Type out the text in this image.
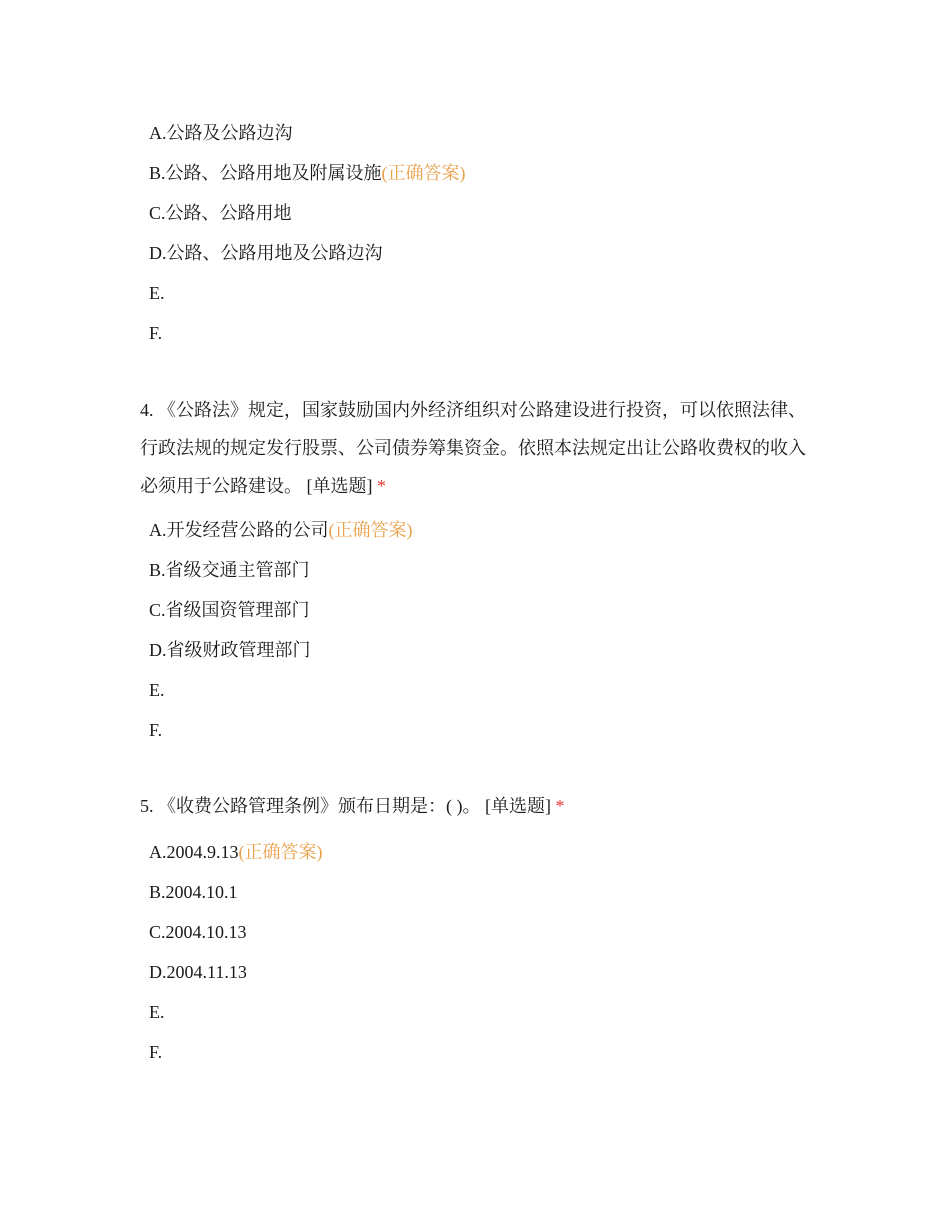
A.公路及公路边沟
B.公路、公路用地及附属设施(正确答案)
C.公路、公路用地
D.公路、公路用地及公路边沟
E.
F.

4. 《公路法》规定，国家鼓励国内外经济组织对公路建设进行投资，可以依照法律、行政法规的规定发行股票、公司债券筹集资金。依照本法规定出让公路收费权的收入必须用于公路建设。 [单选题] *

A.开发经营公路的公司(正确答案)
B.省级交通主管部门
C.省级国资管理部门
D.省级财政管理部门
E.
F.

5. 《收费公路管理条例》颁布日期是：( )。 [单选题] *

A.2004.9.13(正确答案)
B.2004.10.1
C.2004.10.13
D.2004.11.13
E.
F.
